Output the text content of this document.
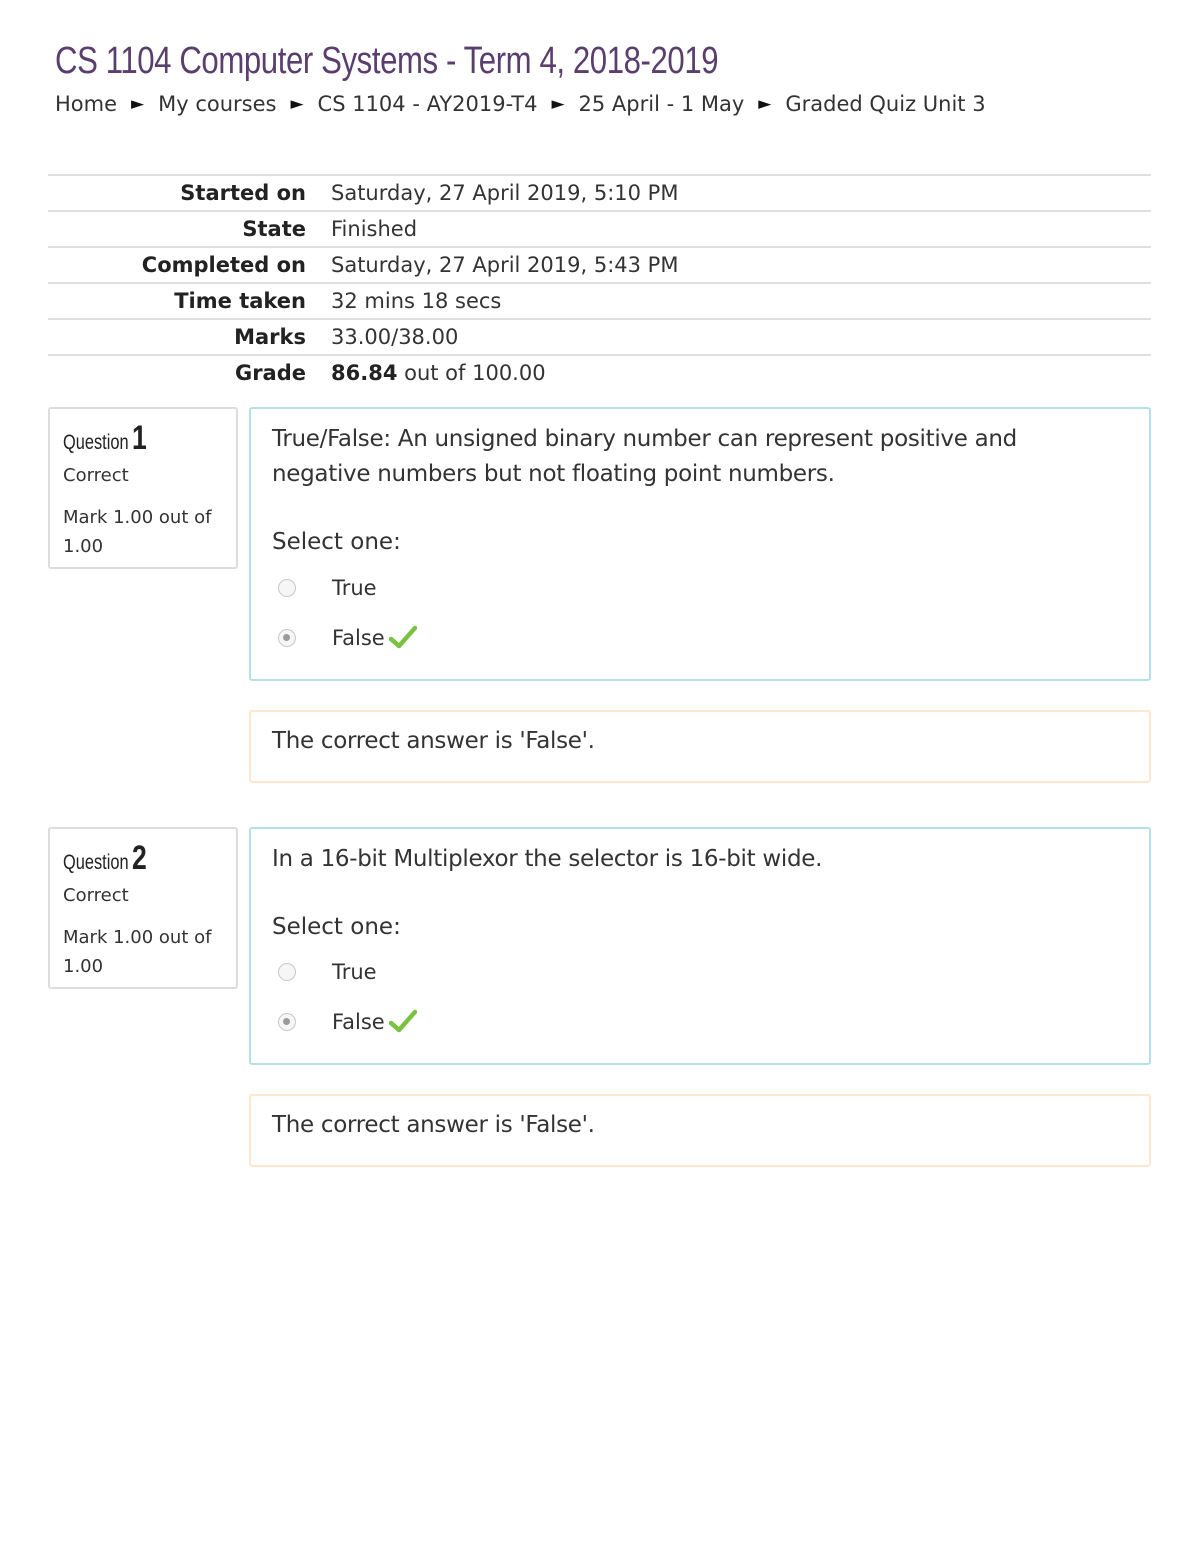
CS 1104 Computer Systems - Term 4, 2018-2019
Home ► My courses ► CS 1104 - AY2019-T4 ► 25 April - 1 May ► Graded Quiz Unit 3
Started on	Saturday, 27 April 2019, 5:10 PM
State	Finished
Completed on	Saturday, 27 April 2019, 5:43 PM
Time taken	32 mins 18 secs
Marks	33.00/38.00
Grade	86.84 out of 100.00
Question 1
Correct
Mark 1.00 out of 1.00
True/False: An unsigned binary number can represent positive and negative numbers but not floating point numbers.
Select one:
True
False
The correct answer is 'False'.
Question 2
Correct
Mark 1.00 out of 1.00
In a 16-bit Multiplexor the selector is 16-bit wide.
Select one:
True
False
The correct answer is 'False'.
